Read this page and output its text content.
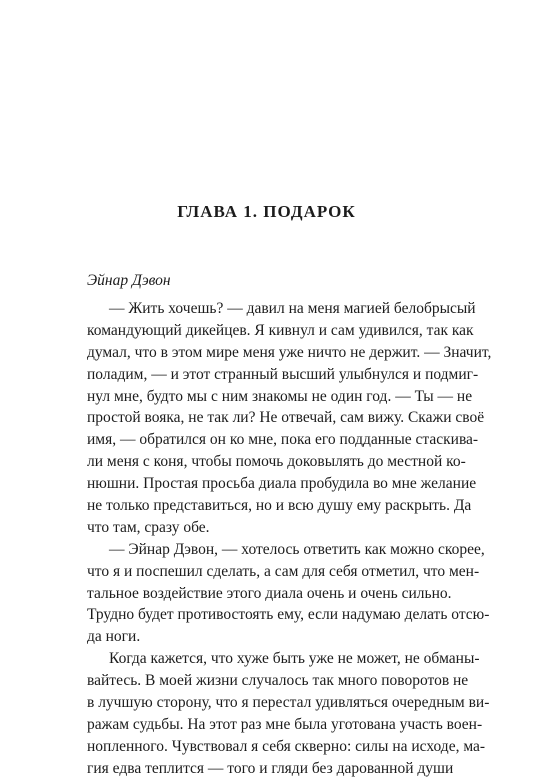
ГЛАВА 1. ПОДАРОК

Эйнар Дэвон

— Жить хочешь? — давил на меня магией белобрысый
командующий дикейцев. Я кивнул и сам удивился, так как
думал, что в этом мире меня уже ничто не держит. — Значит,
поладим, — и этот странный высший улыбнулся и подмиг-
нул мне, будто мы с ним знакомы не один год. — Ты — не
простой вояка, не так ли? Не отвечай, сам вижу. Скажи своё
имя, — обратился он ко мне, пока его подданные стаскива-
ли меня с коня, чтобы помочь доковылять до местной ко-
нюшни. Простая просьба диала пробудила во мне желание
не только представиться, но и всю душу ему раскрыть. Да
что там, сразу обе.
— Эйнар Дэвон, — хотелось ответить как можно скорее,
что я и поспешил сделать, а сам для себя отметил, что мен-
тальное воздействие этого диала очень и очень сильно.
Трудно будет противостоять ему, если надумаю делать отсю-
да ноги.
Когда кажется, что хуже быть уже не может, не обманы-
вайтесь. В моей жизни случалось так много поворотов не
в лучшую сторону, что я перестал удивляться очередным ви-
ражам судьбы. На этот раз мне была уготована участь воен-
нопленного. Чувствовал я себя скверно: силы на исходе, ма-
гия едва теплится — того и гляди без дарованной души
